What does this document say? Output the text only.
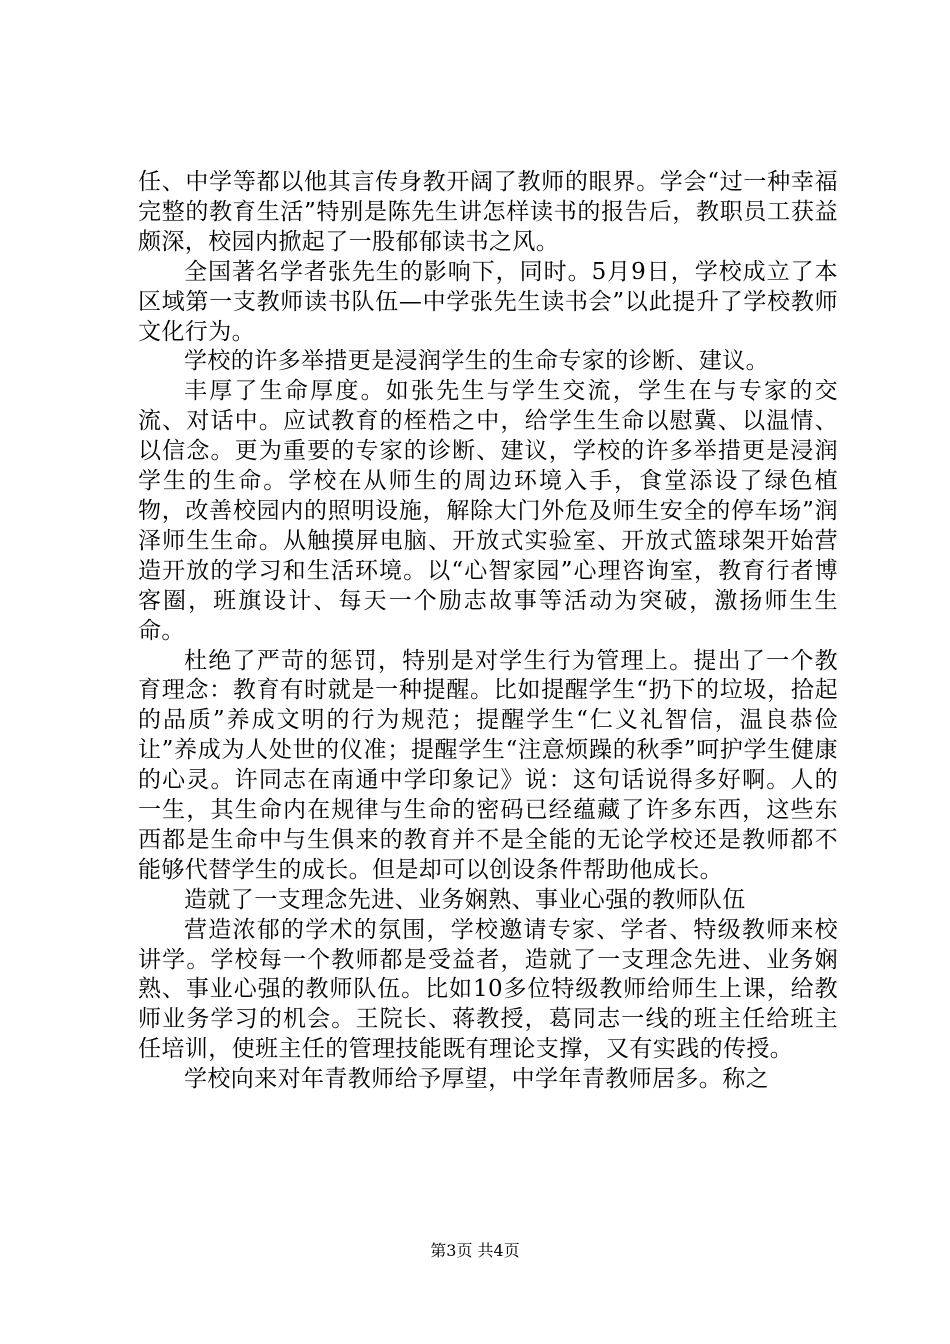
任、中学等都以他其言传身教开阔了教师的眼界。学会“过一种幸福完整的教育生活”特别是陈先生讲怎样读书的报告后，教职员工获益颇深，校园内掀起了一股郁郁读书之风。

全国著名学者张先生的影响下，同时。5月9日，学校成立了本区域第一支教师读书队伍—中学张先生读书会”以此提升了学校教师文化行为。

学校的许多举措更是浸润学生的生命专家的诊断、建议。

丰厚了生命厚度。如张先生与学生交流，学生在与专家的交流、对话中。应试教育的桎梏之中，给学生生命以慰冀、以温情、以信念。更为重要的专家的诊断、建议，学校的许多举措更是浸润学生的生命。学校在从师生的周边环境入手，食堂添设了绿色植物，改善校园内的照明设施，解除大门外危及师生安全的停车场”润泽师生生命。从触摸屏电脑、开放式实验室、开放式篮球架开始营造开放的学习和生活环境。以“心智家园”心理咨询室，教育行者博客圈，班旗设计、每天一个励志故事等活动为突破，激扬师生生命。

杜绝了严苛的惩罚，特别是对学生行为管理上。提出了一个教育理念：教育有时就是一种提醒。比如提醒学生“扔下的垃圾，拾起的品质”养成文明的行为规范；提醒学生“仁义礼智信，温良恭俭让”养成为人处世的仪准；提醒学生“注意烦躁的秋季”呵护学生健康的心灵。许同志在南通中学印象记》说：这句话说得多好啊。人的一生，其生命内在规律与生命的密码已经蕴藏了许多东西，这些东西都是生命中与生俱来的教育并不是全能的无论学校还是教师都不能够代替学生的成长。但是却可以创设条件帮助他成长。

造就了一支理念先进、业务娴熟、事业心强的教师队伍

营造浓郁的学术的氛围，学校邀请专家、学者、特级教师来校讲学。学校每一个教师都是受益者，造就了一支理念先进、业务娴熟、事业心强的教师队伍。比如10多位特级教师给师生上课，给教师业务学习的机会。王院长、蒋教授，葛同志一线的班主任给班主任培训，使班主任的管理技能既有理论支撑，又有实践的传授。

学校向来对年青教师给予厚望，中学年青教师居多。称之

第3页 共4页
